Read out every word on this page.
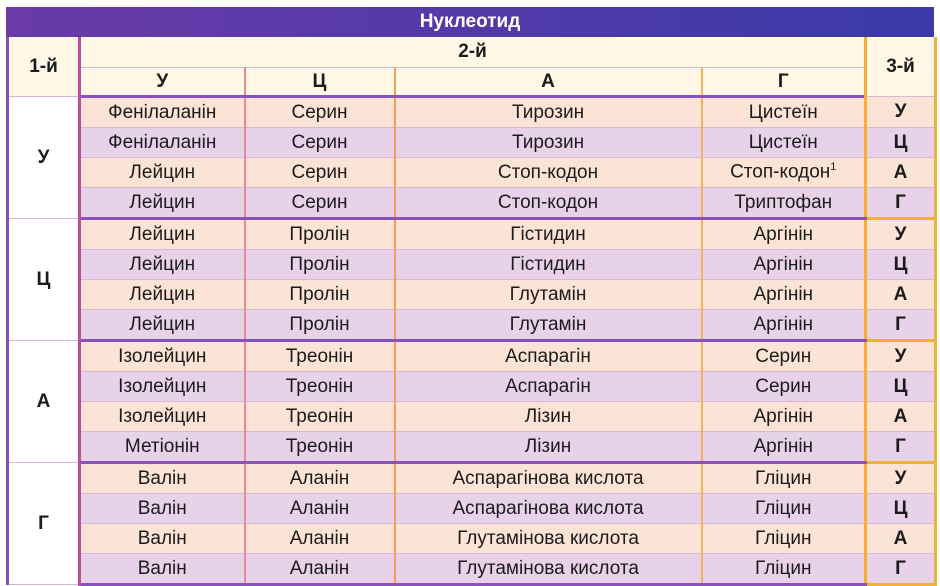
Нуклеотид
1-й	2-й				3-й
	У	Ц	А	Г	
У	Фенілаланін	Серин	Тирозин	Цистеїн	У
	Фенілаланін	Серин	Тирозин	Цистеїн	Ц
	Лейцин	Серин	Стоп-кодон	Стоп-кодон$^1$	А
	Лейцин	Серин	Стоп-кодон	Триптофан	Г
Ц	Лейцин	Пролін	Гістидин	Аргінін	У
	Лейцин	Пролін	Гістидин	Аргінін	Ц
	Лейцин	Пролін	Глутамін	Аргінін	А
	Лейцин	Пролін	Глутамін	Аргінін	Г
А	Ізолейцин	Треонін	Аспарагін	Серин	У
	Ізолейцин	Треонін	Аспарагін	Серин	Ц
	Ізолейцин	Треонін	Лізин	Аргінін	А
	Метіонін	Треонін	Лізин	Аргінін	Г
Г	Валін	Аланін	Аспарагінова кислота	Гліцин	У
	Валін	Аланін	Аспарагінова кислота	Гліцин	Ц
	Валін	Аланін	Глутамінова кислота	Гліцин	А
	Валін	Аланін	Глутамінова кислота	Гліцин	Г
